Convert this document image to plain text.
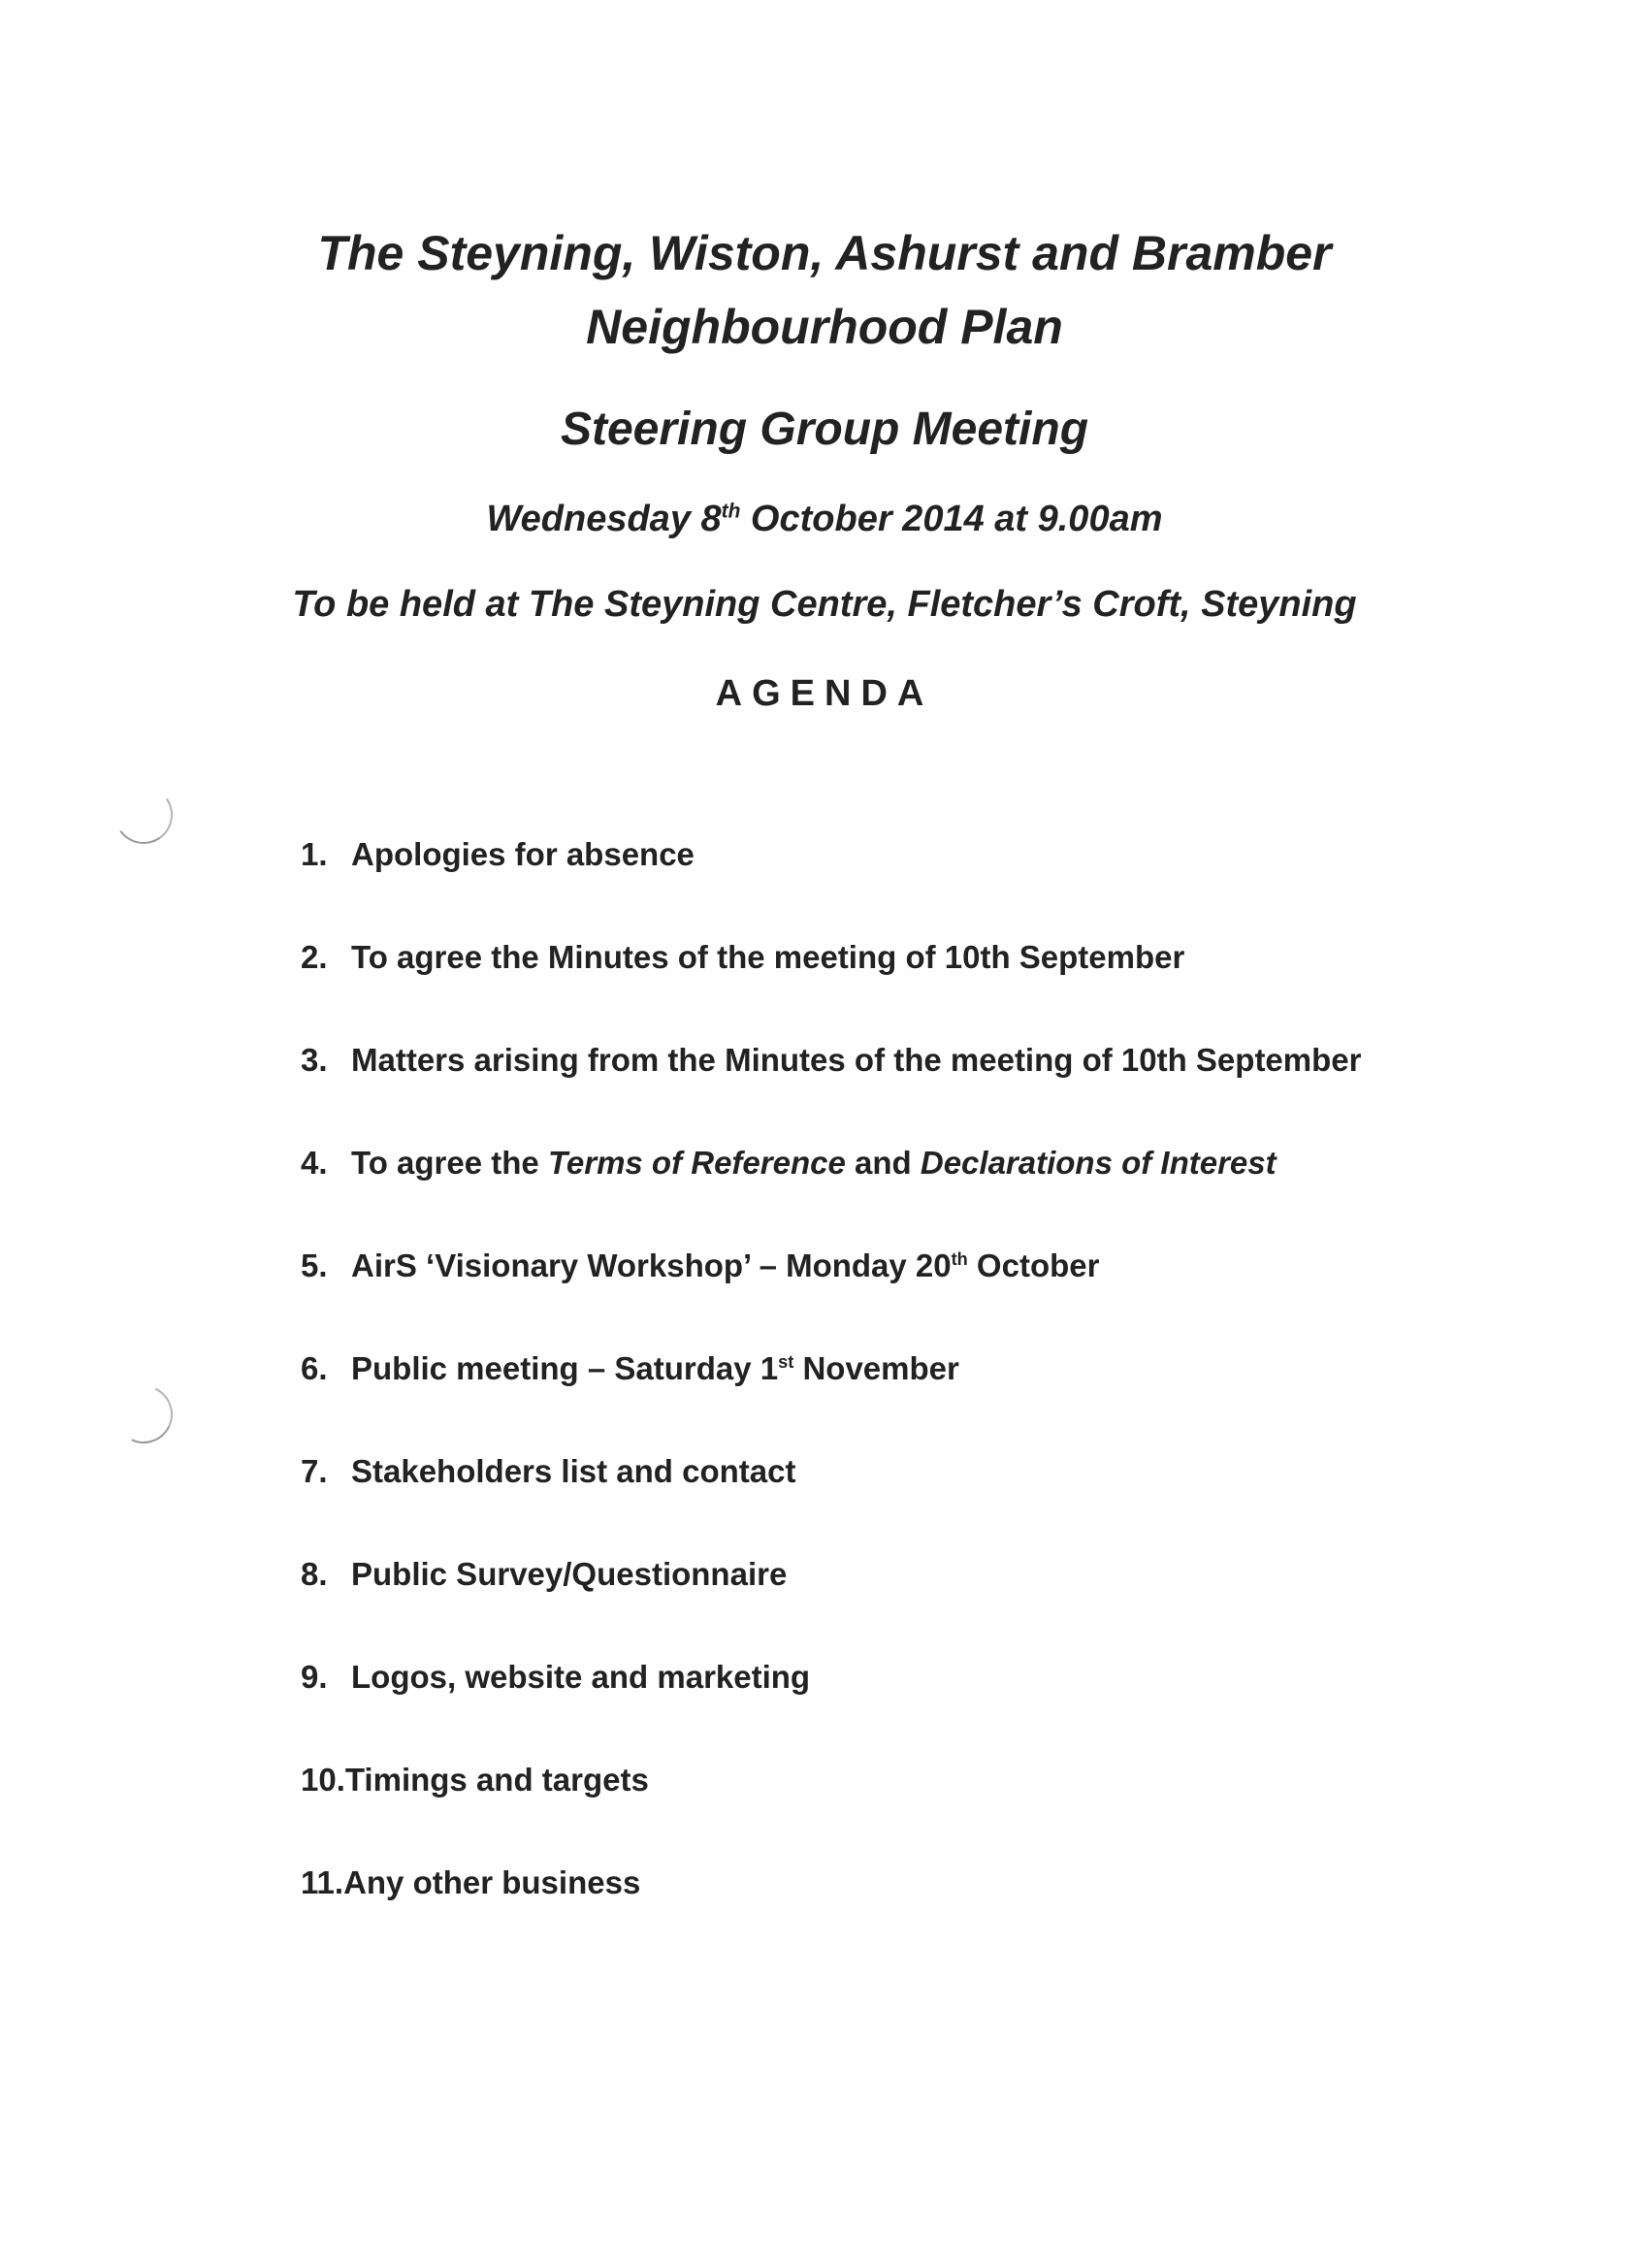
The Steyning, Wiston, Ashurst and Bramber
Neighbourhood Plan
Steering Group Meeting
Wednesday 8th October 2014 at 9.00am
To be held at The Steyning Centre, Fletcher’s Croft, Steyning
AGENDA
1. Apologies for absence
2. To agree the Minutes of the meeting of 10th September
3. Matters arising from the Minutes of the meeting of 10th September
4. To agree the Terms of Reference and Declarations of Interest
5. AirS ‘Visionary Workshop’ – Monday 20th October
6. Public meeting – Saturday 1st November
7. Stakeholders list and contact
8. Public Survey/Questionnaire
9. Logos, website and marketing
10.Timings and targets
11.Any other business
